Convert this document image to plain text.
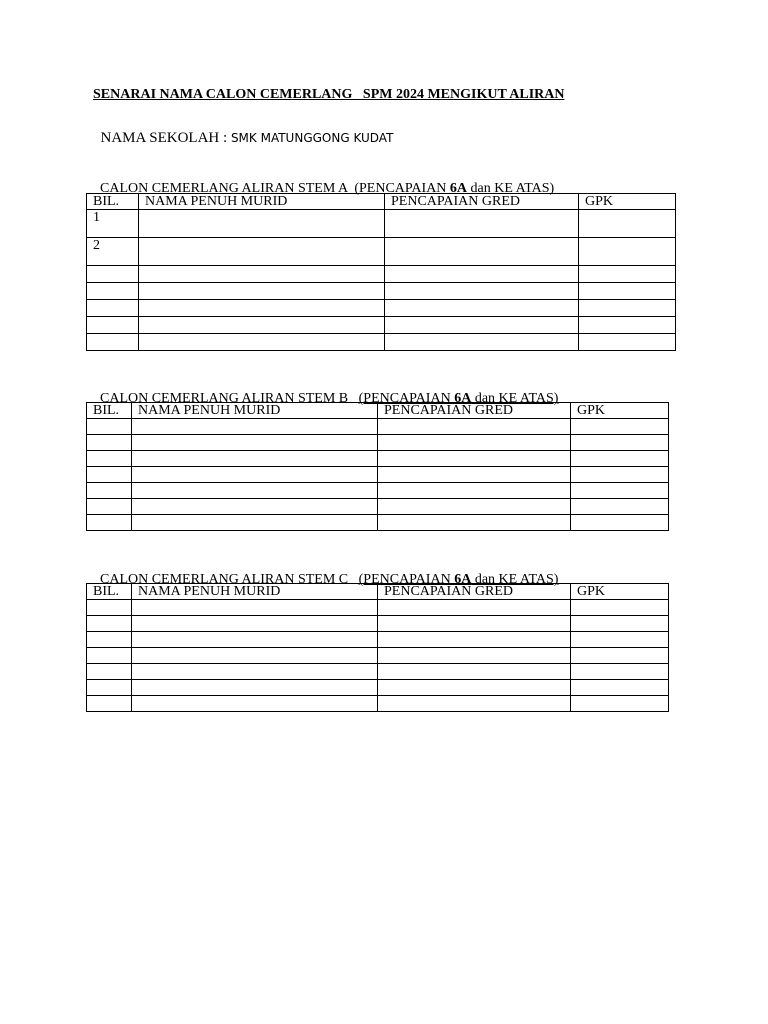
SENARAI NAMA CALON CEMERLANG   SPM 2024 MENGIKUT ALIRAN

NAMA SEKOLAH : SMK MATUNGGONG KUDAT

CALON CEMERLANG ALIRAN STEM A  (PENCAPAIAN 6A dan KE ATAS)

BIL.	NAMA PENUH MURID	PENCAPAIAN GRED	GPK
1			
2			

CALON CEMERLANG ALIRAN STEM B   (PENCAPAIAN 6A dan KE ATAS)

BIL.	NAMA PENUH MURID	PENCAPAIAN GRED	GPK

CALON CEMERLANG ALIRAN STEM C   (PENCAPAIAN 6A dan KE ATAS)

BIL.	NAMA PENUH MURID	PENCAPAIAN GRED	GPK
